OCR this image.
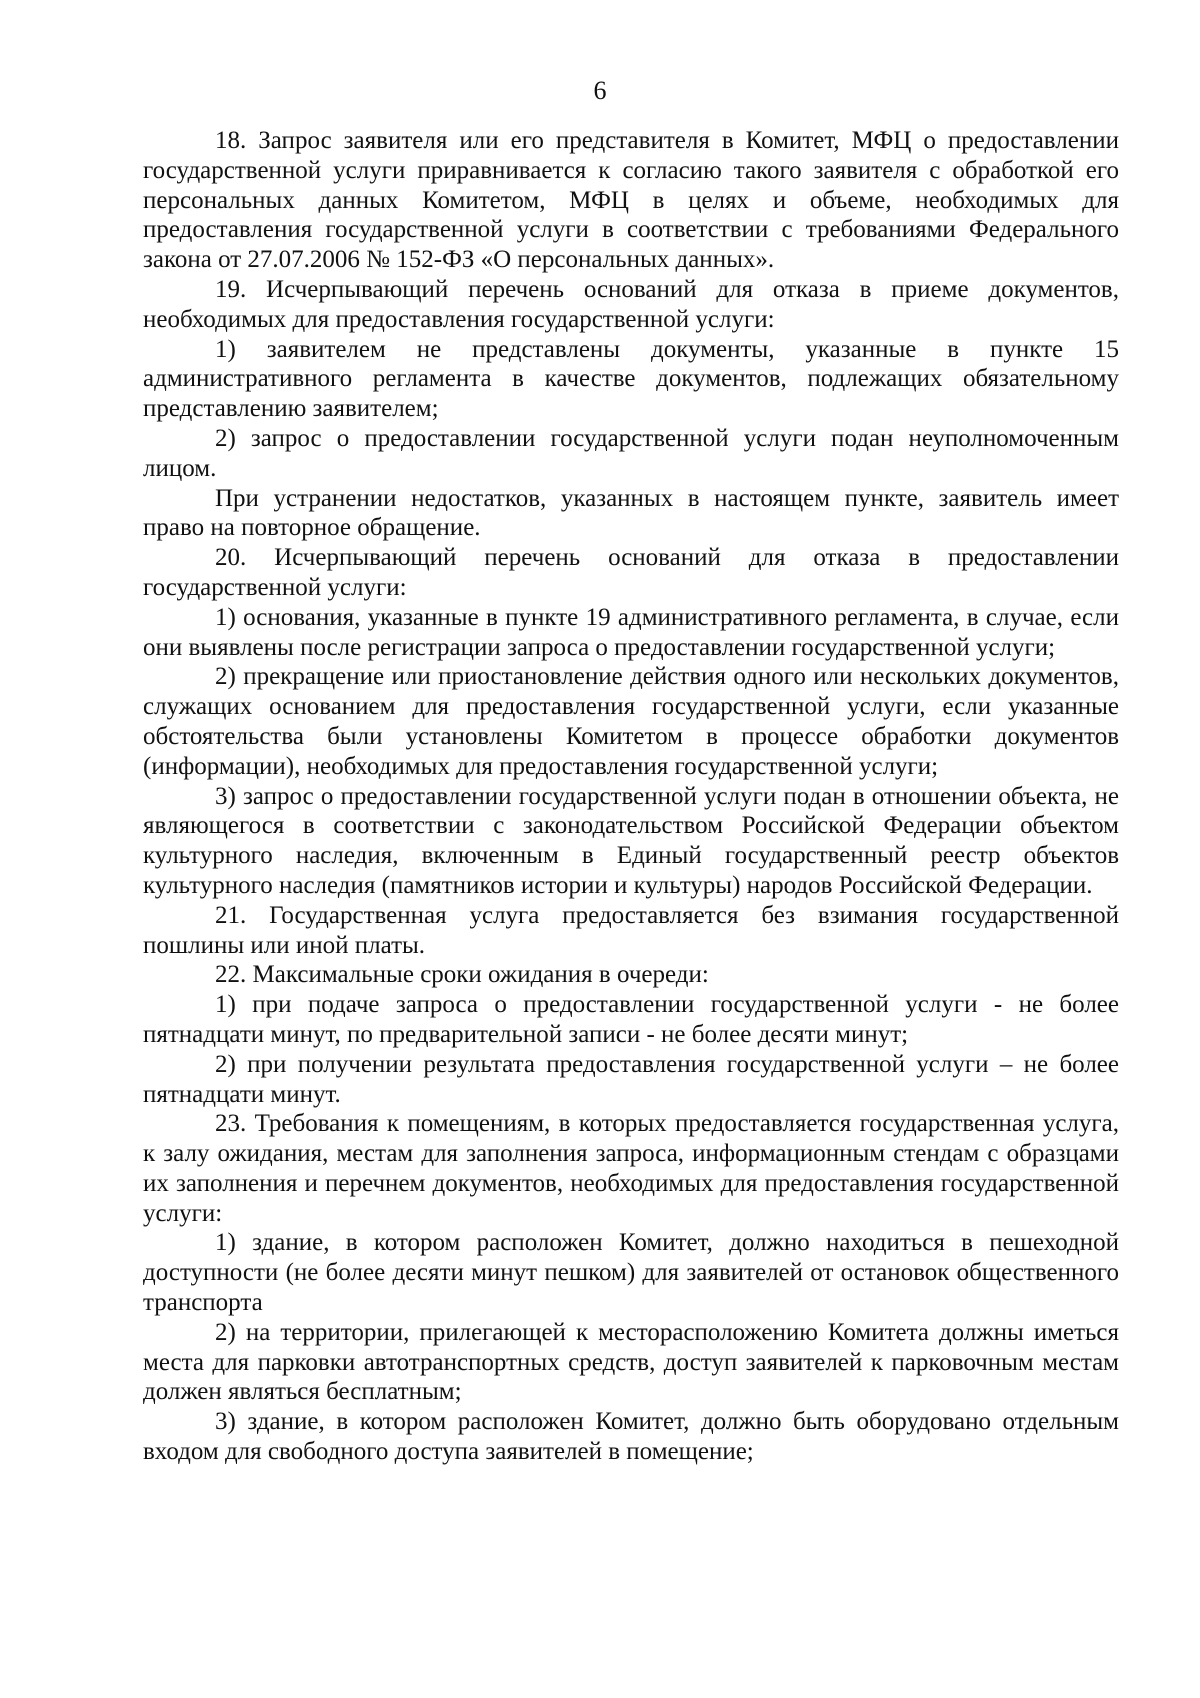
6

18. Запрос заявителя или его представителя в Комитет, МФЦ о предоставлении государственной услуги приравнивается к согласию такого заявителя с обработкой его персональных данных Комитетом, МФЦ в целях и объеме, необходимых для предоставления государственной услуги в соответствии с требованиями Федерального закона от 27.07.2006 № 152-ФЗ «О персональных данных».

19. Исчерпывающий перечень оснований для отказа в приеме документов, необходимых для предоставления государственной услуги:

1) заявителем не представлены документы, указанные в пункте 15 административного регламента в качестве документов, подлежащих обязательному представлению заявителем;

2) запрос о предоставлении государственной услуги подан неуполномоченным лицом.

При устранении недостатков, указанных в настоящем пункте, заявитель имеет право на повторное обращение.

20. Исчерпывающий перечень оснований для отказа в предоставлении государственной услуги:

1) основания, указанные в пункте 19 административного регламента, в случае, если они выявлены после регистрации запроса о предоставлении государственной услуги;

2) прекращение или приостановление действия одного или нескольких документов, служащих основанием для предоставления государственной услуги, если указанные обстоятельства были установлены Комитетом в процессе обработки документов (информации), необходимых для предоставления государственной услуги;

3) запрос о предоставлении государственной услуги подан в отношении объекта, не являющегося в соответствии с законодательством Российской Федерации объектом культурного наследия, включенным в Единый государственный реестр объектов культурного наследия (памятников истории и культуры) народов Российской Федерации.

21. Государственная услуга предоставляется без взимания государственной пошлины или иной платы.

22. Максимальные сроки ожидания в очереди:

1) при подаче запроса о предоставлении государственной услуги - не более пятнадцати минут, по предварительной записи - не более десяти минут;

2) при получении результата предоставления государственной услуги – не более пятнадцати минут.

23. Требования к помещениям, в которых предоставляется государственная услуга, к залу ожидания, местам для заполнения запроса, информационным стендам с образцами их заполнения и перечнем документов, необходимых для предоставления государственной услуги:

1) здание, в котором расположен Комитет, должно находиться в пешеходной доступности (не более десяти минут пешком) для заявителей от остановок общественного транспорта

2) на территории, прилегающей к месторасположению Комитета должны иметься места для парковки автотранспортных средств, доступ заявителей к парковочным местам должен являться бесплатным;

3) здание, в котором расположен Комитет, должно быть оборудовано отдельным входом для свободного доступа заявителей в помещение;
